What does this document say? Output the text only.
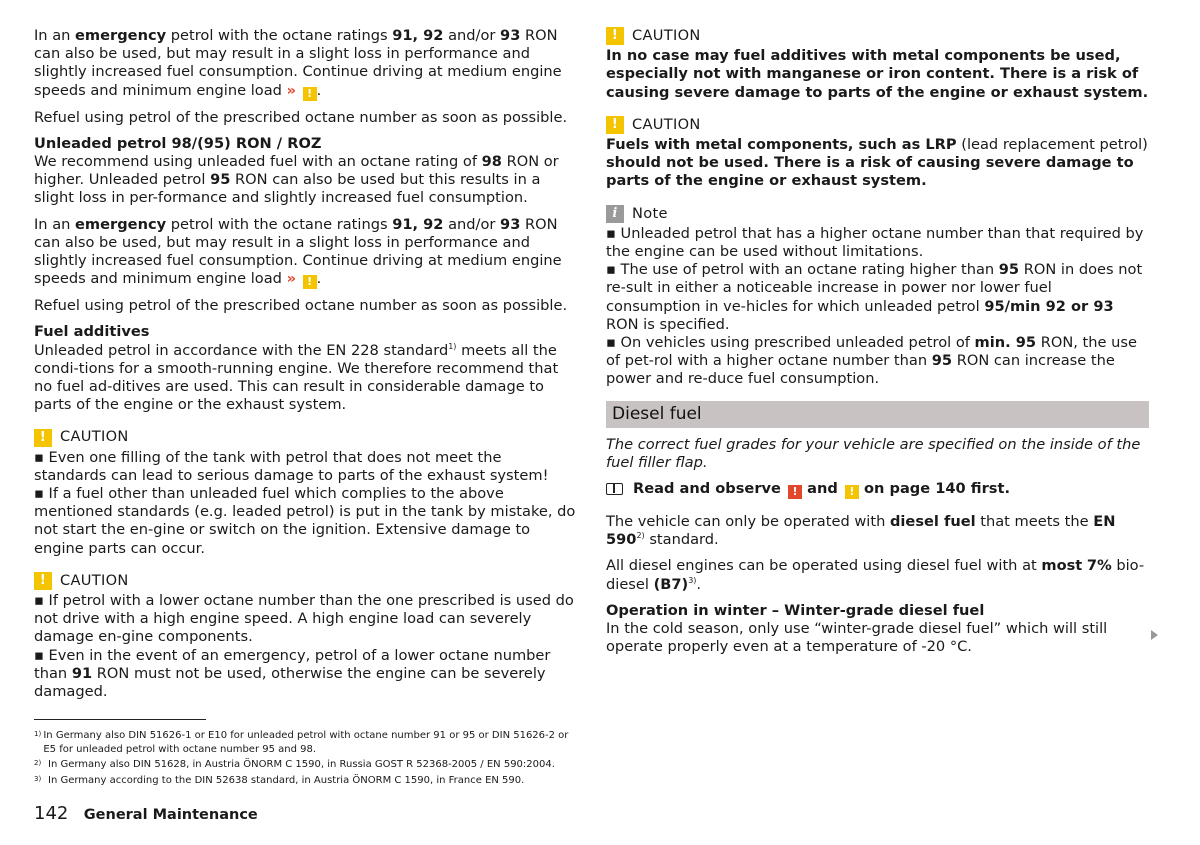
In an emergency petrol with the octane ratings 91, 92 and/or 93 RON can also be used, but may result in a slight loss in performance and slightly increased fuel consumption. Continue driving at medium engine speeds and minimum engine load » ! .

Refuel using petrol of the prescribed octane number as soon as possible.

Unleaded petrol 98/(95) RON / ROZ
We recommend using unleaded fuel with an octane rating of 98 RON or higher. Unleaded petrol 95 RON can also be used but this results in a slight loss in per-formance and slightly increased fuel consumption.

In an emergency petrol with the octane ratings 91, 92 and/or 93 RON can also be used, but may result in a slight loss in performance and slightly increased fuel consumption. Continue driving at medium engine speeds and minimum engine load » ! .

Refuel using petrol of the prescribed octane number as soon as possible.

Fuel additives
Unleaded petrol in accordance with the EN 228 standard$^{1)}$ meets all the condi-tions for a smooth-running engine. We therefore recommend that no fuel ad-ditives are used. This can result in considerable damage to parts of the engine or the exhaust system.

! CAUTION
▪ Even one filling of the tank with petrol that does not meet the standards can lead to serious damage to parts of the exhaust system!
▪ If a fuel other than unleaded fuel which complies to the above mentioned standards (e.g. leaded petrol) is put in the tank by mistake, do not start the en-gine or switch on the ignition. Extensive damage to engine parts can occur.
! CAUTION
▪ If petrol with a lower octane number than the one prescribed is used do not drive with a high engine speed. A high engine load can severely damage en-gine components.
▪ Even in the event of an emergency, petrol of a lower octane number than 91 RON must not be used, otherwise the engine can be severely damaged.
! CAUTION
In no case may fuel additives with metal components be used, especially not with manganese or iron content. There is a risk of causing severe damage to parts of the engine or exhaust system.
! CAUTION
Fuels with metal components, such as LRP (lead replacement petrol) should not be used. There is a risk of causing severe damage to parts of the engine or exhaust system.
i Note
▪ Unleaded petrol that has a higher octane number than that required by the engine can be used without limitations.
▪ The use of petrol with an octane rating higher than 95 RON in does not re-sult in either a noticeable increase in power nor lower fuel consumption in ve-hicles for which unleaded petrol 95/min 92 or 93 RON is specified.
▪ On vehicles using prescribed unleaded petrol of min. 95 RON, the use of pet-rol with a higher octane number than 95 RON can increase the power and re-duce fuel consumption.
Diesel fuel

The correct fuel grades for your vehicle are specified on the inside of the fuel filler flap.

Read and observe ! and ! on page 140 first.

The vehicle can only be operated with diesel fuel that meets the EN 590$^{2)}$ standard.

All diesel engines can be operated using diesel fuel with at most 7% bio-diesel $(B7)^{3)}$.

Operation in winter – Winter-grade diesel fuel
In the cold season, only use “winter-grade diesel fuel” which will still operate properly even at a temperature of -20 °C.

1) In Germany also DIN 51626-1 or E10 for unleaded petrol with octane number 91 or 95 or DIN 51626-2 or E5 for unleaded petrol with octane number 95 and 98.
2) In Germany also DIN 51628, in Austria ÖNORM C 1590, in Russia GOST R 52368-2005 / EN 590:2004.
3) In Germany according to the DIN 52638 standard, in Austria ÖNORM C 1590, in France EN 590.
142 General Maintenance
